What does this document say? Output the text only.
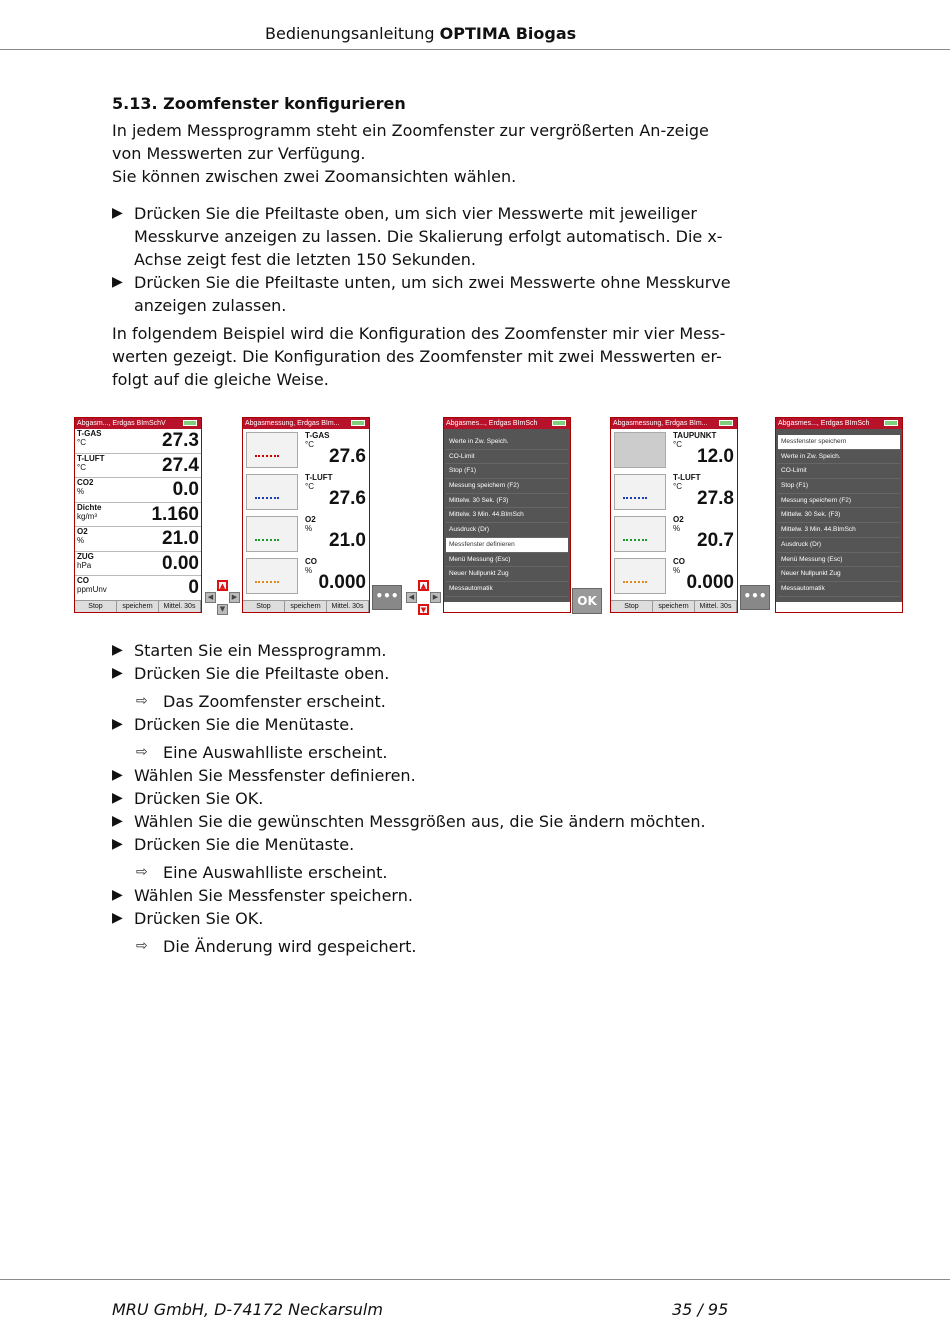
Bedienungsanleitung OPTIMA Biogas
5.13. Zoomfenster konfigurieren
In jedem Messprogramm steht ein Zoomfenster zur vergrößerten An-zeige
von Messwerten zur Verfügung.
Sie können zwischen zwei Zoomansichten wählen.
▶ Drücken Sie die Pfeiltaste oben, um sich vier Messwerte mit jeweiliger
Messkurve anzeigen zu lassen. Die Skalierung erfolgt automatisch. Die x-
Achse zeigt fest die letzten 150 Sekunden.
▶ Drücken Sie die Pfeiltaste unten, um sich zwei Messwerte ohne Messkurve
anzeigen zulassen.
In folgendem Beispiel wird die Konfiguration des Zoomfenster mir vier Mess-
werten gezeigt. Die Konfiguration des Zoomfenster mit zwei Messwerten er-
folgt auf die gleiche Weise.
Abgasm..., Erdgas BImSchV
T-GAS
°C	27.3
T-LUFT
°C	27.4
CO2
%	0.0
Dichte
kg/m³	1.160
O2
%	21.0
ZUG
hPa	0.00
CO
ppmUnv	0
Stop	speichern	Mittel. 30s
▲
◀	▶
▼
Abgasmessung, Erdgas BIm...
T-GAS
°C
27.6
T-LUFT
°C
27.6
O2
%
21.0
CO
%
0.000
Stop	speichern	Mittel. 30s
•••
▲
◀	▶
▼
Abgasmes..., Erdgas BImSch
Werte in Zw. Speich.
CO-Limit
Stop (F1)
Messung speichern (F2)
Mittelw. 30 Sek. (F3)
Mittelw. 3 Min. 44.BImSch
Ausdruck (Dr)
Messfenster definieren
Menü Messung (Esc)
Neuer Nullpunkt Zug
Messautomatik
OK
Abgasmessung, Erdgas BIm...
TAUPUNKT
°C
12.0
T-LUFT
°C
27.8
O2
%
20.7
CO
%
0.000
Stop	speichern	Mittel. 30s
•••
Abgasmes..., Erdgas BImSch
Messfenster speichern
Werte in Zw. Speich.
CO-Limit
Stop (F1)
Messung speichern (F2)
Mittelw. 30 Sek. (F3)
Mittelw. 3 Min. 44.BImSch
Ausdruck (Dr)
Menü Messung (Esc)
Neuer Nullpunkt Zug
Messautomatik
▶ Starten Sie ein Messprogramm.
▶ Drücken Sie die Pfeiltaste oben.
⇨ Das Zoomfenster erscheint.
▶ Drücken Sie die Menütaste.
⇨ Eine Auswahlliste erscheint.
▶ Wählen Sie Messfenster definieren.
▶ Drücken Sie OK.
▶ Wählen Sie die gewünschten Messgrößen aus, die Sie ändern möchten.
▶ Drücken Sie die Menütaste.
⇨ Eine Auswahlliste erscheint.
▶ Wählen Sie Messfenster speichern.
▶ Drücken Sie OK.
⇨ Die Änderung wird gespeichert.
MRU GmbH, D-74172 Neckarsulm	35 / 95
